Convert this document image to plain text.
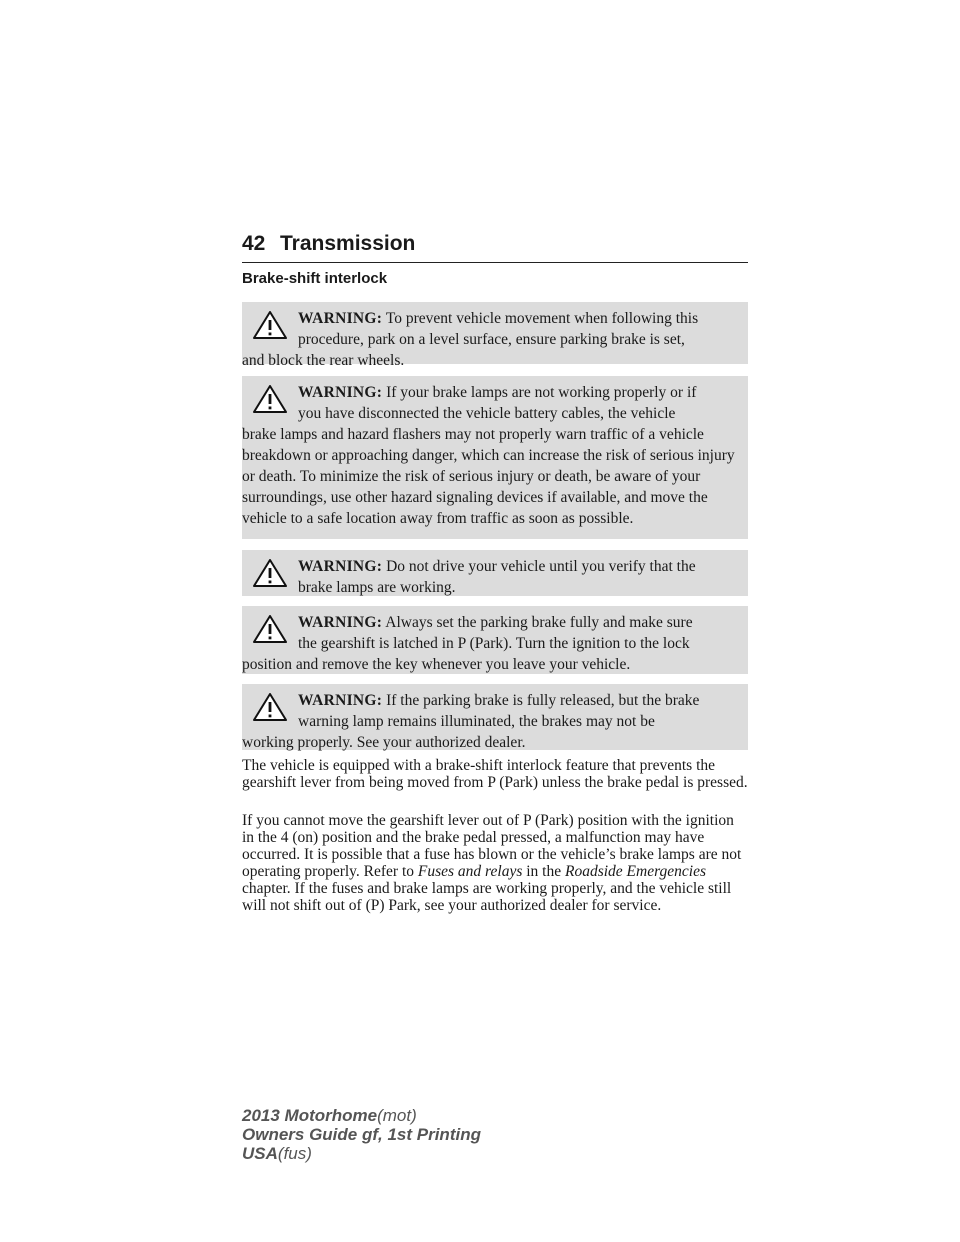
42 Transmission
Brake-shift interlock
WARNING: To prevent vehicle movement when following this
procedure, park on a level surface, ensure parking brake is set,
and block the rear wheels.
WARNING: If your brake lamps are not working properly or if
you have disconnected the vehicle battery cables, the vehicle
brake lamps and hazard flashers may not properly warn traffic of a vehicle breakdown or approaching danger, which can increase the risk of serious injury or death. To minimize the risk of serious injury or death, be aware of your surroundings, use other hazard signaling devices if available, and move the vehicle to a safe location away from traffic as soon as possible.
WARNING: Do not drive your vehicle until you verify that the
brake lamps are working.
WARNING: Always set the parking brake fully and make sure
the gearshift is latched in P (Park). Turn the ignition to the lock
position and remove the key whenever you leave your vehicle.
WARNING: If the parking brake is fully released, but the brake
warning lamp remains illuminated, the brakes may not be
working properly. See your authorized dealer.
The vehicle is equipped with a brake-shift interlock feature that prevents the gearshift lever from being moved from P (Park) unless the brake pedal is pressed.
If you cannot move the gearshift lever out of P (Park) position with the ignition in the 4 (on) position and the brake pedal pressed, a malfunction may have occurred. It is possible that a fuse has blown or the vehicle’s brake lamps are not operating properly. Refer to Fuses and relays in the Roadside Emergencies chapter. If the fuses and brake lamps are working properly, and the vehicle still will not shift out of (P) Park, see your authorized dealer for service.
2013 Motorhome(mot)
Owners Guide gf, 1st Printing
USA(fus)
